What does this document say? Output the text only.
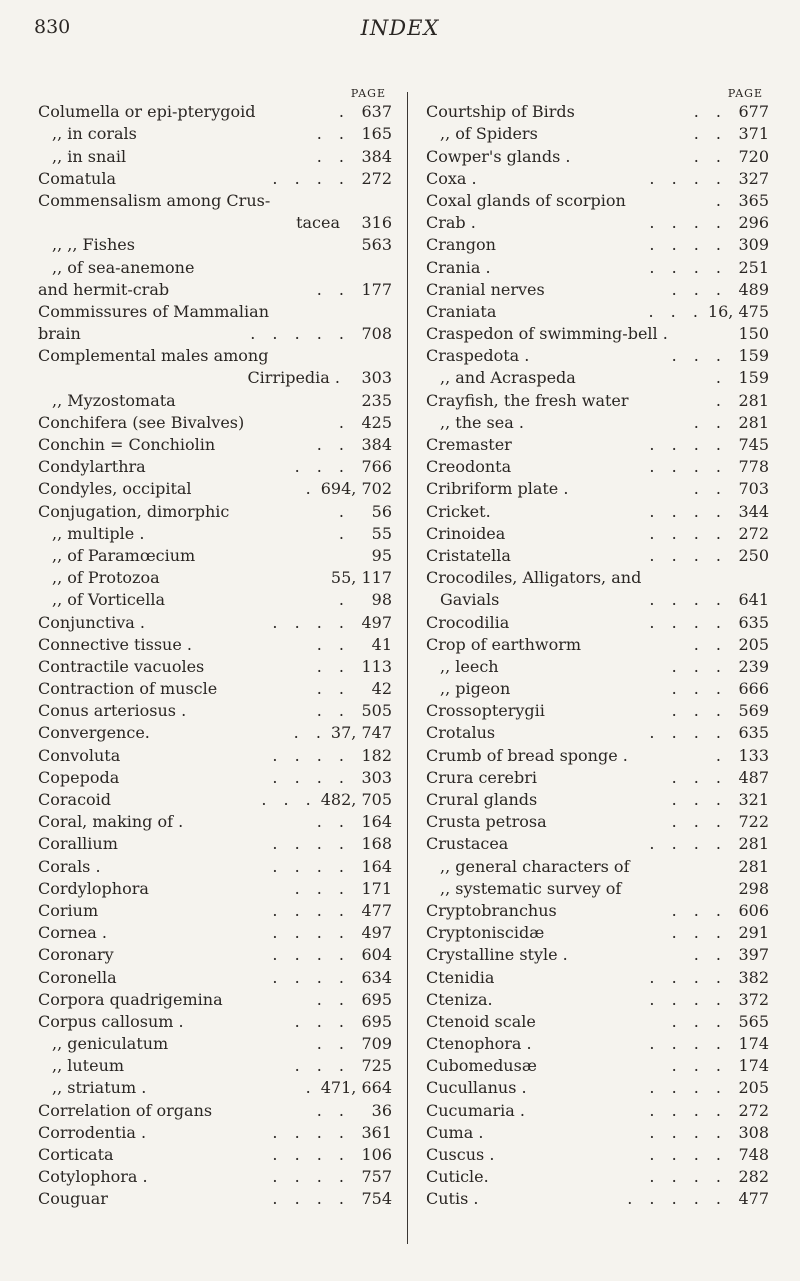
830	INDEX
PAGE
Columella or epi-pterygoid	. 637
,, in corals	. . 165
,, in snail	. . 384
Comatula	. . . . 272
Commensalism among Crus-
tacea	316
,, ,, Fishes	563
,, of sea-anemone
and hermit-crab	. . 177
Commissures of Mammalian
brain	. . . . . 708
Complemental males among
Cirripedia .	303
,, Myzostomata	235
Conchifera (see Bivalves)	. 425
Conchin = Conchiolin	. . 384
Condylarthra	. . . 766
Condyles, occipital	. 694, 702
Conjugation, dimorphic	.	56
,, multiple .	.	55
,, of Paramœcium	95
,, of Protozoa	55, 117
,, of Vorticella	.	98
Conjunctiva .	. . . . 497
Connective tissue .	. .	41
Contractile vacuoles	. . 113
Contraction of muscle	. .	42
Conus arteriosus .	. . 505
Convergence.	. . 37, 747
Convoluta	. . . . 182
Copepoda	. . . . 303
Coracoid	. . . 482, 705
Coral, making of .	. . 164
Corallium	. . . . 168
Corals .	. . . . 164
Cordylophora	. . . 171
Corium	. . . . 477
Cornea .	. . . . 497
Coronary	. . . . 604
Coronella	. . . . 634
Corpora quadrigemina	. . 695
Corpus callosum .	. . . 695
,, geniculatum	. . 709
,, luteum	. . . 725
,, striatum .	. 471, 664
Correlation of organs	. .	36
Corrodentia .	. . . . 361
Corticata	. . . . 106
Cotylophora .	. . . . 757
Couguar	. . . . 754
PAGE
Courtship of Birds	. . 677
,, of Spiders	. . 371
Cowper's glands .	. . 720
Coxa .	. . . . 327
Coxal glands of scorpion	. 365
Crab .	. . . . 296
Crangon	. . . . 309
Crania .	. . . . 251
Cranial nerves	. . . 489
Craniata	. . . 16, 475
Craspedon of swimming-bell .	150
Craspedota .	. . . 159
,, and Acraspeda	. 159
Crayfish, the fresh water	. 281
,, the sea .	. . 281
Cremaster	. . . . 745
Creodonta	. . . . 778
Cribriform plate .	. . 703
Cricket.	. . . . 344
Crinoidea	. . . . 272
Cristatella	. . . . 250
Crocodiles, Alligators, and
Gavials	. . . . 641
Crocodilia	. . . . 635
Crop of earthworm	. . 205
,, leech	. . . 239
,, pigeon	. . . 666
Crossopterygii	. . . 569
Crotalus	. . . . 635
Crumb of bread sponge .	. 133
Crura cerebri	. . . 487
Crural glands	. . . 321
Crusta petrosa	. . . 722
Crustacea	. . . . 281
,, general characters of	281
,, systematic survey of	298
Cryptobranchus	. . . 606
Cryptoniscidæ	. . . 291
Crystalline style .	. . 397
Ctenidia	. . . . 382
Cteniza.	. . . . 372
Ctenoid scale	. . . 565
Ctenophora .	. . . . 174
Cubomedusæ	. . . 174
Cucullanus .	. . . . 205
Cucumaria .	. . . . 272
Cuma .	. . . . 308
Cuscus .	. . . . 748
Cuticle.	. . . . 282
Cutis .	. . . . . 477
